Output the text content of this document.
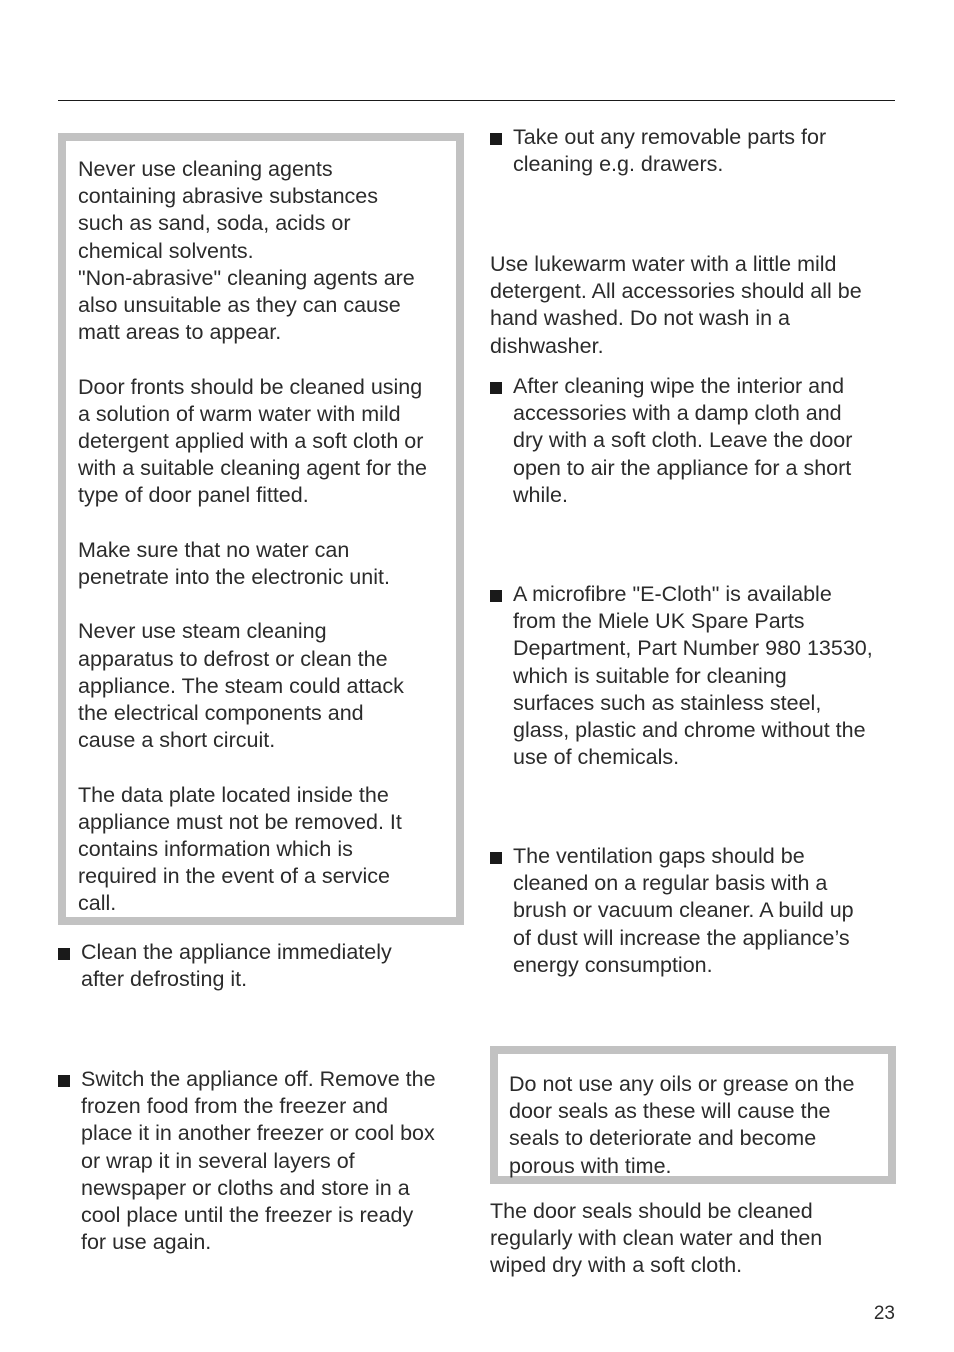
Never use cleaning agents
containing abrasive substances
such as sand, soda, acids or
chemical solvents.
"Non-abrasive" cleaning agents are
also unsuitable as they can cause
matt areas to appear.

Door fronts should be cleaned using
a solution of warm water with mild
detergent applied with a soft cloth or
with a suitable cleaning agent for the
type of door panel fitted.

Make sure that no water can
penetrate into the electronic unit.

Never use steam cleaning
apparatus to defrost or clean the
appliance. The steam could attack
the electrical components and
cause a short circuit.

The data plate located inside the
appliance must not be removed. It
contains information which is
required in the event of a service
call.

Clean the appliance immediately
after defrosting it.
Switch the appliance off. Remove the
frozen food from the freezer and
place it in another freezer or cool box
or wrap it in several layers of
newspaper or cloths and store in a
cool place until the freezer is ready
for use again.
Take out any removable parts for
cleaning e.g. drawers.
Use lukewarm water with a little mild
detergent. All accessories should all be
hand washed. Do not wash in a
dishwasher.
After cleaning wipe the interior and
accessories with a damp cloth and
dry with a soft cloth. Leave the door
open to air the appliance for a short
while.
A microfibre "E-Cloth" is available
from the Miele UK Spare Parts
Department, Part Number 980 13530,
which is suitable for cleaning
surfaces such as stainless steel,
glass, plastic and chrome without the
use of chemicals.
The ventilation gaps should be
cleaned on a regular basis with a
brush or vacuum cleaner. A build up
of dust will increase the appliance’s
energy consumption.
Do not use any oils or grease on the
door seals as these will cause the
seals to deteriorate and become
porous with time.
The door seals should be cleaned
regularly with clean water and then
wiped dry with a soft cloth.
23
